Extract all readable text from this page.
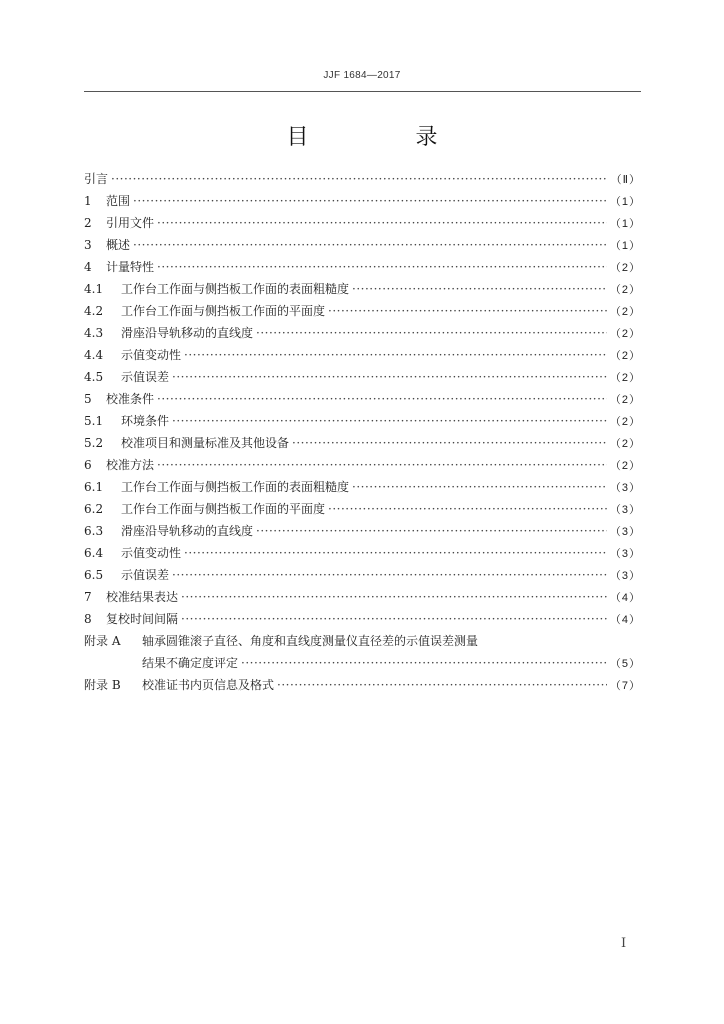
JJF 1684—2017
目 录
引言 ·····	（Ⅱ）
1	范围 ·····	（1）
2	引用文件 ·····	（1）
3	概述 ·····	（1）
4	计量特性 ·····	（2）
4.1	工作台工作面与侧挡板工作面的表面粗糙度 ·····	（2）
4.2	工作台工作面与侧挡板工作面的平面度 ·····	（2）
4.3	滑座沿导轨移动的直线度 ·····	（2）
4.4	示值变动性 ·····	（2）
4.5	示值误差 ·····	（2）
5	校准条件 ·····	（2）
5.1	环境条件 ·····	（2）
5.2	校准项目和测量标准及其他设备 ·····	（2）
6	校准方法 ·····	（2）
6.1	工作台工作面与侧挡板工作面的表面粗糙度 ·····	（3）
6.2	工作台工作面与侧挡板工作面的平面度 ·····	（3）
6.3	滑座沿导轨移动的直线度 ·····	（3）
6.4	示值变动性 ·····	（3）
6.5	示值误差 ·····	（3）
7	校准结果表达 ·····	（4）
8	复校时间间隔 ·····	（4）
附录 A	轴承圆锥滚子直径、角度和直线度测量仪直径差的示值误差测量
结果不确定度评定 ·····	（5）
附录 B	校准证书内页信息及格式 ·····	（7）
I
